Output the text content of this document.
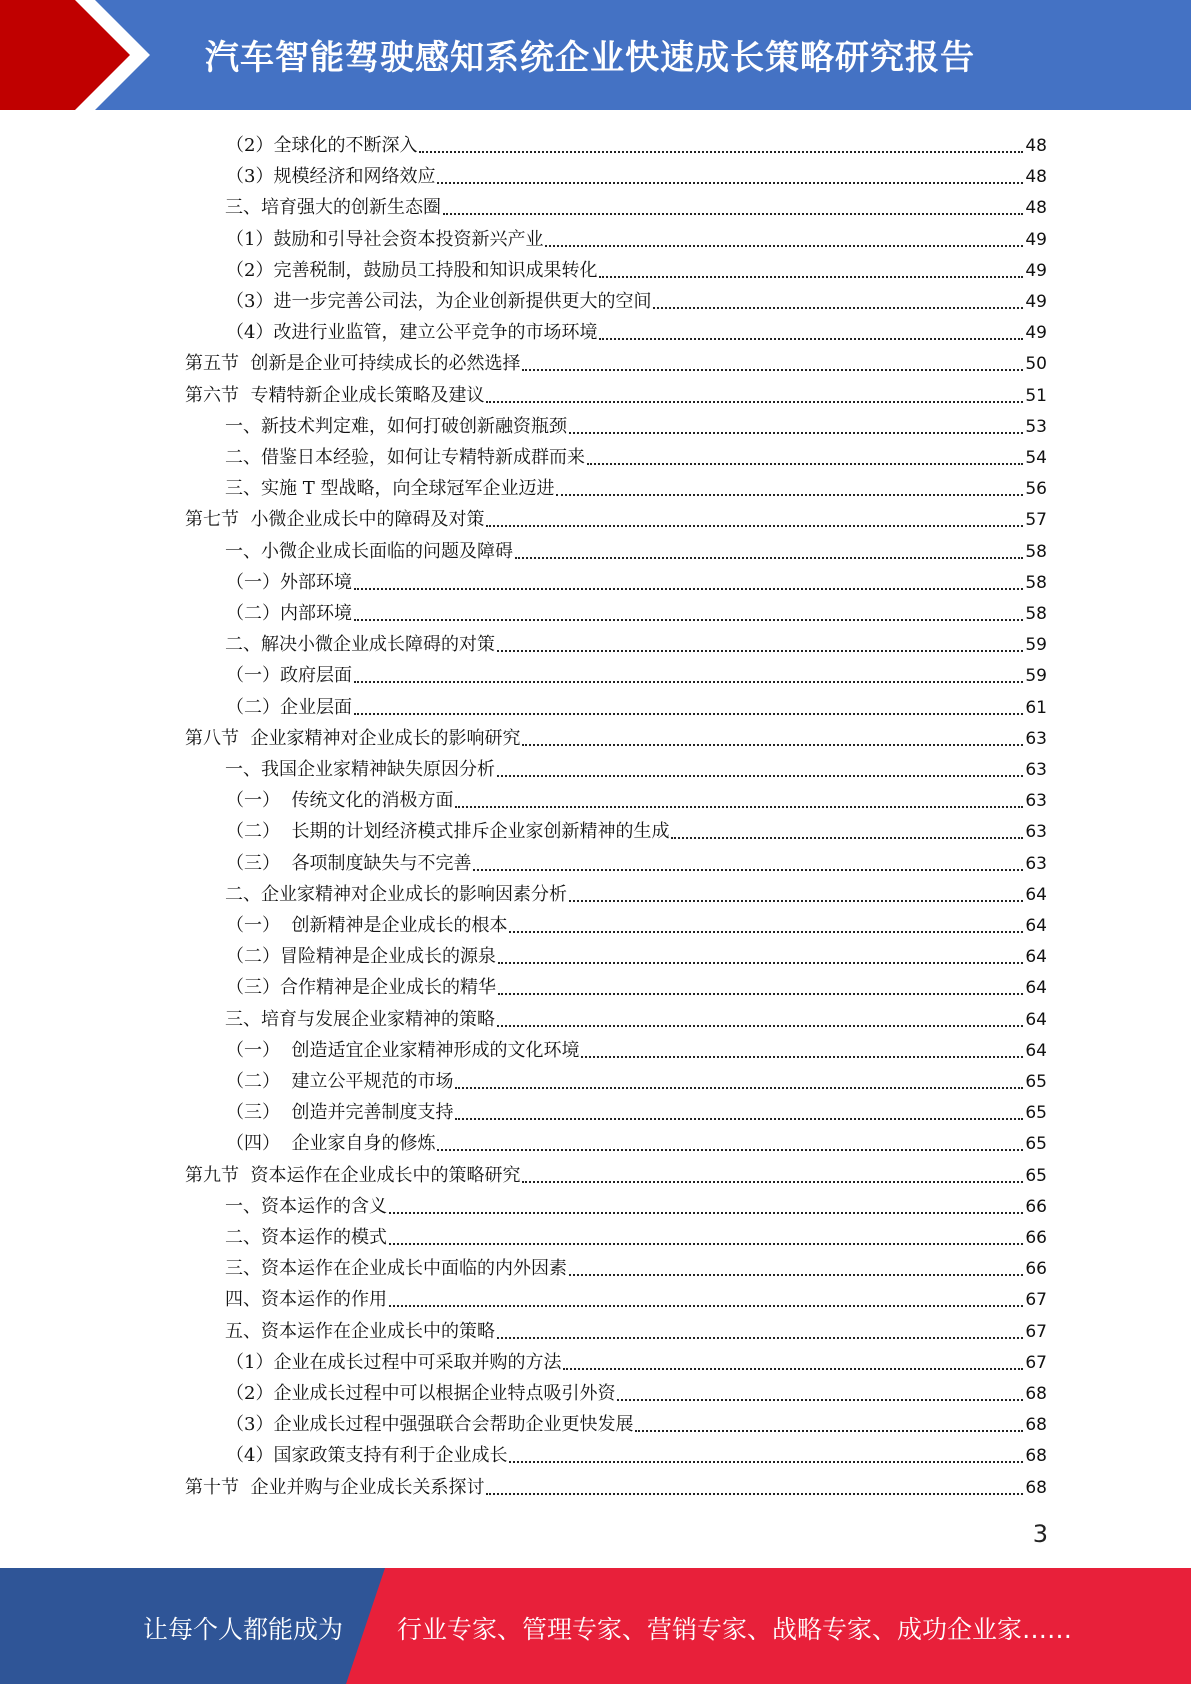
汽车智能驾驶感知系统企业快速成长策略研究报告
（2）全球化的不断深入	48
（3）规模经济和网络效应	48
三、培育强大的创新生态圈	48
（1）鼓励和引导社会资本投资新兴产业	49
（2）完善税制，鼓励员工持股和知识成果转化	49
（3）进一步完善公司法，为企业创新提供更大的空间	49
（4）改进行业监管，建立公平竞争的市场环境	49
第五节  创新是企业可持续成长的必然选择	50
第六节  专精特新企业成长策略及建议	51
一、新技术判定难，如何打破创新融资瓶颈	53
二、借鉴日本经验，如何让专精特新成群而来	54
三、实施 T 型战略，向全球冠军企业迈进	56
第七节  小微企业成长中的障碍及对策	57
一、小微企业成长面临的问题及障碍	58
（一）外部环境	58
（二）内部环境	58
二、解决小微企业成长障碍的对策	59
（一）政府层面	59
（二）企业层面	61
第八节  企业家精神对企业成长的影响研究	63
一、我国企业家精神缺失原因分析	63
（一）  传统文化的消极方面	63
（二）  长期的计划经济模式排斥企业家创新精神的生成	63
（三）  各项制度缺失与不完善	63
二、企业家精神对企业成长的影响因素分析	64
（一）  创新精神是企业成长的根本	64
（二）冒险精神是企业成长的源泉	64
（三）合作精神是企业成长的精华	64
三、培育与发展企业家精神的策略	64
（一）  创造适宜企业家精神形成的文化环境	64
（二）  建立公平规范的市场	65
（三）  创造并完善制度支持	65
（四）  企业家自身的修炼	65
第九节  资本运作在企业成长中的策略研究	65
一、资本运作的含义	66
二、资本运作的模式	66
三、资本运作在企业成长中面临的内外因素	66
四、资本运作的作用	67
五、资本运作在企业成长中的策略	67
（1）企业在成长过程中可采取并购的方法	67
（2）企业成长过程中可以根据企业特点吸引外资	68
（3）企业成长过程中强强联合会帮助企业更快发展	68
（4）国家政策支持有利于企业成长	68
第十节  企业并购与企业成长关系探讨	68
3
让每个人都能成为 行业专家、管理专家、营销专家、战略专家、成功企业家……
